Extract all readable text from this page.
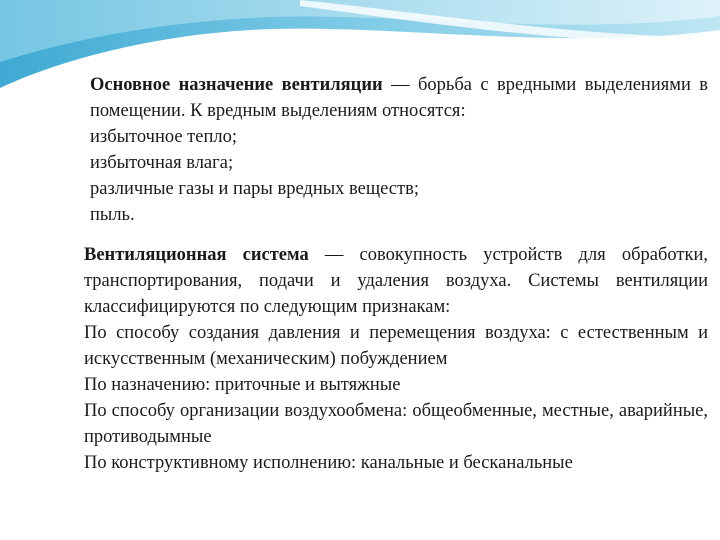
Основное назначение вентиляции — борьба с вредными выделениями в помещении. К вредным выделениям относятся:

избыточное тепло;

избыточная влага;

различные газы и пары вредных веществ;

пыль.

Вентиляционная система — совокупность устройств для обработки, транспортирования, подачи и удаления воздуха. Системы вентиляции классифицируются по следующим признакам:

По способу создания давления и перемещения воздуха: с естественным и искусственным (механическим) побуждением

По назначению: приточные и вытяжные

По способу организации воздухообмена: общеобменные, местные, аварийные, противодымные

По конструктивному исполнению: канальные и бесканальные
